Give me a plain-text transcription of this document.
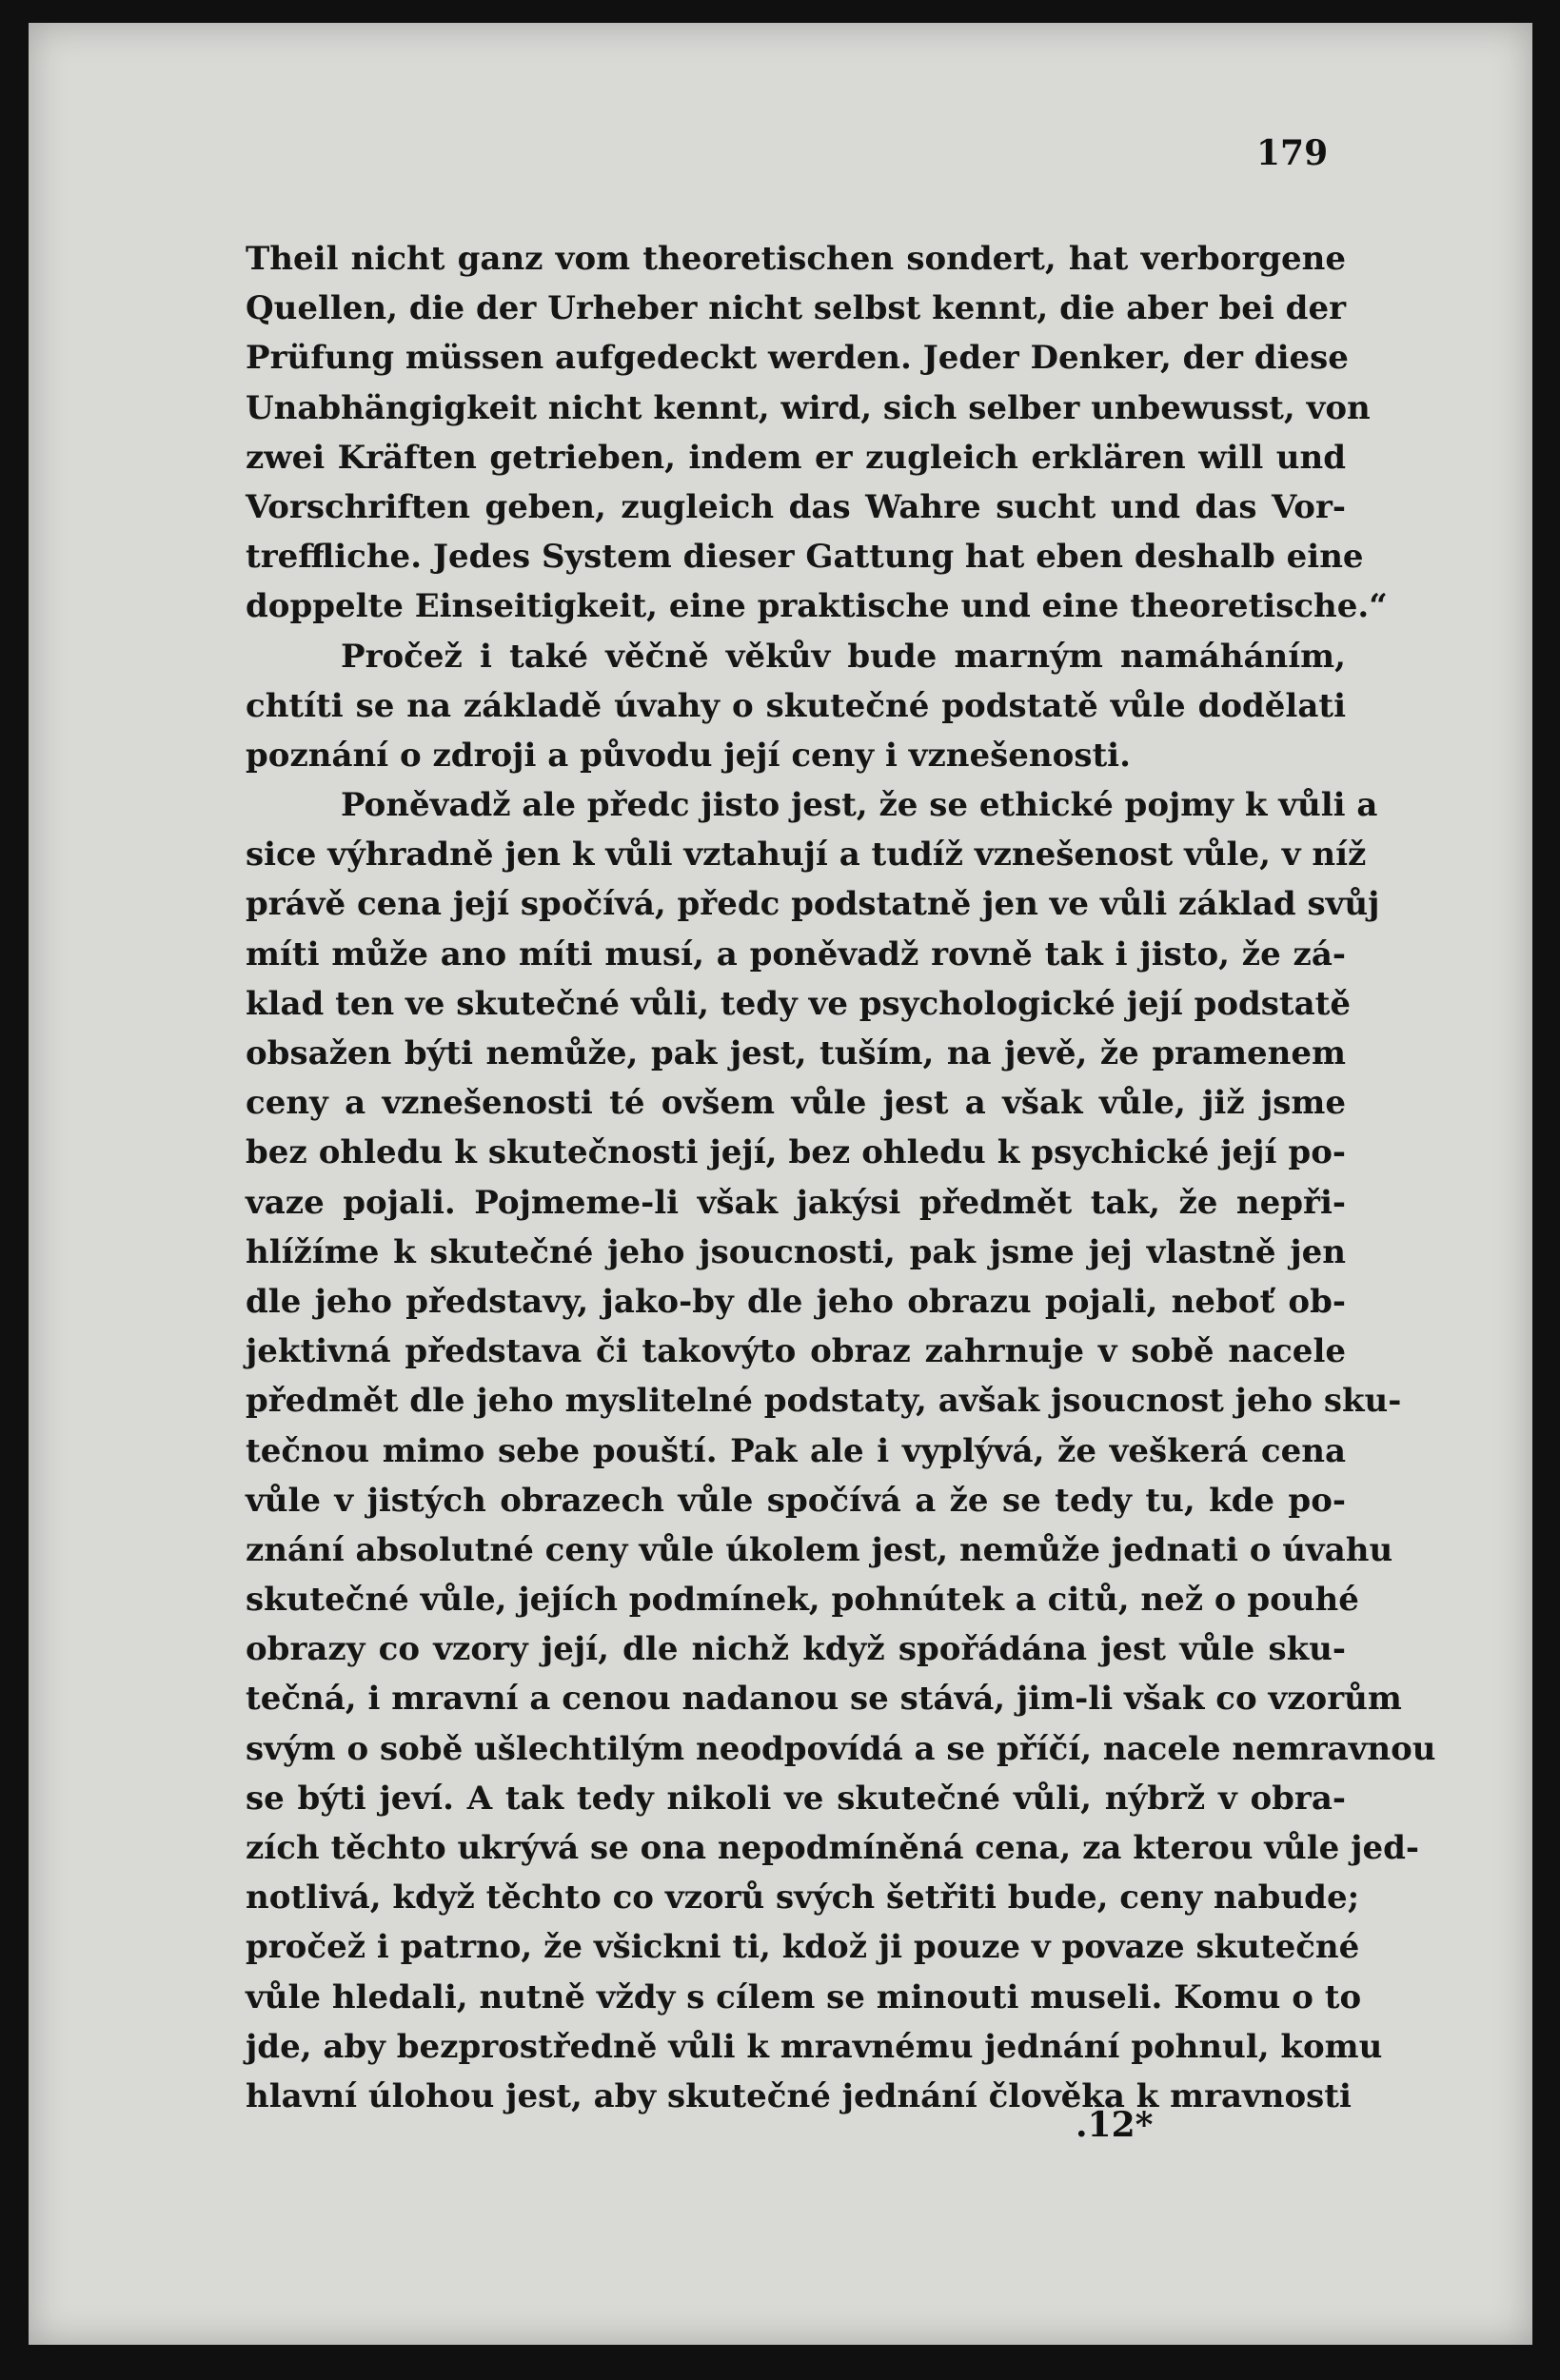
179
Theil nicht ganz vom theoretischen sondert, hat verborgene
Quellen, die der Urheber nicht selbst kennt, die aber bei der
Prüfung müssen aufgedeckt werden. Jeder Denker, der diese
Unabhängigkeit nicht kennt, wird, sich selber unbewusst, von
zwei Kräften getrieben, indem er zugleich erklären will und
Vorschriften geben, zugleich das Wahre sucht und das Vor-
treffliche. Jedes System dieser Gattung hat eben deshalb eine
doppelte Einseitigkeit, eine praktische und eine theoretische.“
Pročež i také věčně věkův bude marným namáháním,
chtíti se na základě úvahy o skutečné podstatě vůle dodělati
poznání o zdroji a původu její ceny i vznešenosti.
Poněvadž ale předc jisto jest, že se ethické pojmy k vůli a
sice výhradně jen k vůli vztahují a tudíž vznešenost vůle, v níž
právě cena její spočívá, předc podstatně jen ve vůli základ svůj
míti může ano míti musí, a poněvadž rovně tak i jisto, že zá-
klad ten ve skutečné vůli, tedy ve psychologické její podstatě
obsažen býti nemůže, pak jest, tuším, na jevě, že pramenem
ceny a vznešenosti té ovšem vůle jest a však vůle, již jsme
bez ohledu k skutečnosti její, bez ohledu k psychické její po-
vaze pojali. Pojmeme-li však jakýsi předmět tak, že nepři-
hlížíme k skutečné jeho jsoucnosti, pak jsme jej vlastně jen
dle jeho představy, jako-by dle jeho obrazu pojali, neboť ob-
jektivná představa či takovýto obraz zahrnuje v sobě nacele
předmět dle jeho myslitelné podstaty, avšak jsoucnost jeho sku-
tečnou mimo sebe pouští. Pak ale i vyplývá, že veškerá cena
vůle v jistých obrazech vůle spočívá a že se tedy tu, kde po-
znání absolutné ceny vůle úkolem jest, nemůže jednati o úvahu
skutečné vůle, jejích podmínek, pohnútek a citů, než o pouhé
obrazy co vzory její, dle nichž když spořádána jest vůle sku-
tečná, i mravní a cenou nadanou se stává, jim-li však co vzorům
svým o sobě ušlechtilým neodpovídá a se příčí, nacele nemravnou
se býti jeví. A tak tedy nikoli ve skutečné vůli, nýbrž v obra-
zích těchto ukrývá se ona nepodmíněná cena, za kterou vůle jed-
notlivá, když těchto co vzorů svých šetřiti bude, ceny nabude;
pročež i patrno, že všickni ti, kdož ji pouze v povaze skutečné
vůle hledali, nutně vždy s cílem se minouti museli. Komu o to
jde, aby bezprostředně vůli k mravnému jednání pohnul, komu
hlavní úlohou jest, aby skutečné jednání člověka k mravnosti
.12*
